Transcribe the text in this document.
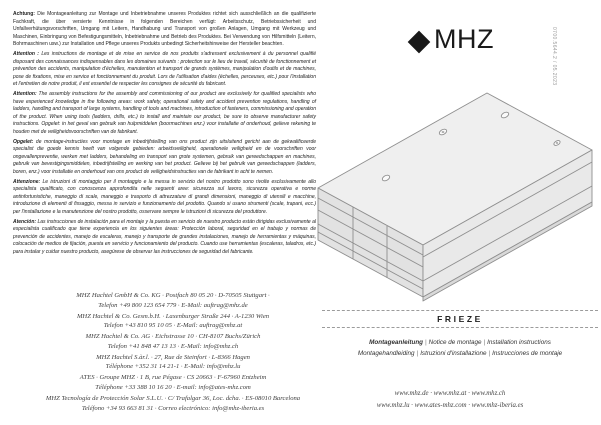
Achtung: Die Montageanleitung zur Montage und Inbetriebnahme unseres Produktes richtet sich ausschließlich an die qualifizierte Fachkraft, die über versierte Kenntnisse in folgenden Bereichen verfügt: Arbeitsschutz, Betriebssicherheit und Unfallverhütungsvorschriften, Umgang mit Leitern, Handhabung und Transport von großen Anlagen, Umgang mit Werkzeug und Maschinen, Einbringung von Befestigungsmitteln, Inbetriebnahme und Betrieb des Produktes. Bei Verwendung von Hilfsmitteln (Leitern, Bohrmaschinen usw.) zur Installation und Pflege unseres Produkts unbedingt Sicherheitshinweise der Hersteller beachten.

Attention : Les instructions de montage et de mise en service de nos produits s'adressent exclusivement à du personnel qualifié disposant des connaissances indispensables dans les domaines suivants : protection sur le lieu de travail, sécurité de fonctionnement et prévention des accidents, manipulation d'échelles, manutention et transport de grands systèmes, manipulation d'outils et de machines, pose de fixations, mise en service et fonctionnement du produit. Lors de l'utilisation d'aides (échelles, perceuses, etc.) pour l'installation et l'entretien de notre produit, il est essentiel de respecter les consignes de sécurité du fabricant.

Attention: The assembly instructions for the assembly and commissioning of our product are exclusively for qualified specialists who have experienced knowledge in the following areas: work safety, operational safety and accident prevention regulations, handling of ladders, handling and transport of large systems, handling of tools and machines, introduction of fasteners, commissioning and operation of the product. When using tools (ladders, drills, etc.) to install and maintain our product, be sure to observe manufacturer safety instructions. Opgelet: in het geval van gebruik van hulpmiddelen (boormachines enz.) voor installatie of onderhoud, gelieve rekening te houden met de veiligheidsvoorschriften van de fabrikant.

Opgelet: de montage-instructies voor montage en inbedrijfstelling van ons product zijn uitsluitend gericht aan de gekwalificeerde specialist die goede kennis heeft van volgende gebieden: arbeidsveiligheid, operationele veiligheid en de voorschriften voor ongevallenpreventie, werken met ladders, behandeling en transport van grote systemen, gebruik van gereedschappen en machines, gebruik van bevestigingsmiddelen, inbedrijfstelling en werking van het product. Gelieve bij het gebruik van gereedschappen (ladders, boren, enz.) voor installatie en onderhoud van ons product de veiligheidsinstructies van de fabrikant in acht te nemen.

Attenzione: Le istruzioni di montaggio per il montaggio e la messa in servizio del nostro prodotto sono rivolte esclusivamente allo specialista qualificato, con conoscenza approfondita nelle seguenti aree: sicurezza sul lavoro, sicurezza operativa e norme antinfortunistiche, maneggio di scale, maneggio e trasporto di attrezzature di grandi dimensioni, maneggio di utensili e macchine, introduzione di elementi di fissaggio, messa in servizio e funzionamento del prodotto. Quando si usano strumenti (scale, trapani, ecc.) per l'installazione e la manutenzione del nostro prodotto, osservare sempre le istruzioni di sicurezza del produttore.

Atención: Las instrucciones de instalación para el montaje y la puesta en servicio de nuestro producto están dirigidas exclusivamente al especialista cualificado que tiene experiencia en los siguientes áreas: Protección laboral, seguridad en el trabajo y normas de prevención de accidentes, manejo de escaleras, manejo y transporte de grandes instalaciones, manejo de herramientas y máquinas, colocación de medios de fijación, puesta en servicio y funcionamiento del producto. Cuando use herramientas (escaleras, taladros, etc.) para instalar y cuidar nuestro producto, asegúrese de observar las instrucciones de seguridad del fabricante.

MHZ	0700.5644.2 / 05.2023
MHZ Hachtel GmbH & Co. KG · Postfach 80 05 20 · D-70505 Stuttgart ·
Telefon +49 800 123 654 779 · E-Mail: auftrag@mhz.de
MHZ Hachtel & Co. Gesm.b.H. · Laxenburger Straße 244 · A-1230 Wien
Telefon +43 810 95 10 05 · E-Mail: auftrag@mhz.at
MHZ Hachtel & Co. AG · Eichstrasse 10 · CH-8107 Buchs/Zürich
Telefon +41 848 47 13 13 · E-Mail: info@mhz.ch
MHZ Hachtel S.àr.l. · 27, Rue de Steinfort · L-8366 Hagen
Téléphone +352 31 14 21-1 · E-Mail: info@mhz.lu
ATES · Groupe MHZ · 1 B, rue Pégase · CS 20663 · F-67960 Entzheim
Téléphone +33 388 10 16 20 · E-mail: info@ates-mhz.com
MHZ Tecnología de Protección Solar S.L.U. · C/ Trafalgar 36, Loc. dcha. · ES-08010 Barcelona
Teléfono +34 93 663 81 31 · Correo electrónico: info@mhz-iberia.es
FRIEZE
Montageanleitung | Notice de montage | Installation instructions
Montagehandleiding | Istruzioni d'installazione | Instrucciones de montaje
www.mhz.de · www.mhz.at · www.mhz.ch
www.mhz.lu · www.ates-mhz.com · www.mhz-iberia.es
